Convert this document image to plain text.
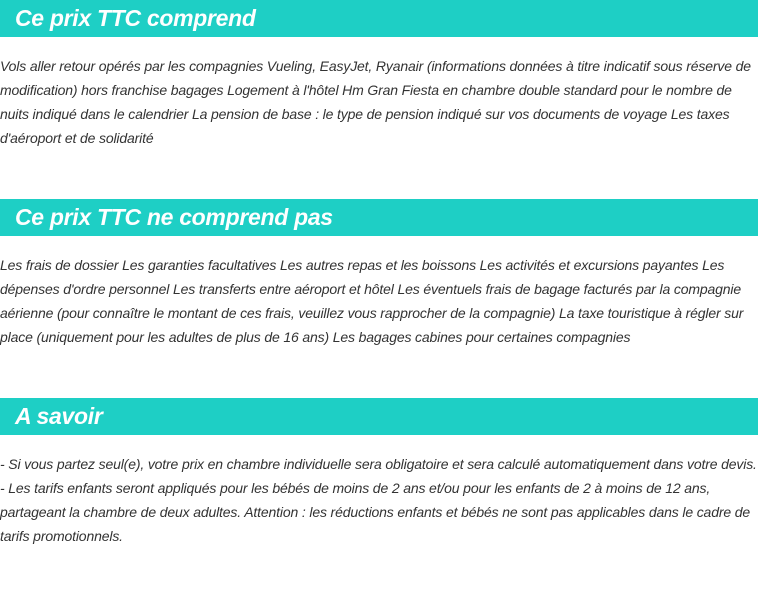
Ce prix TTC comprend

Vols aller retour opérés par les compagnies Vueling, EasyJet, Ryanair (informations données à titre indicatif sous réserve de modification) hors franchise bagages Logement à l'hôtel Hm Gran Fiesta en chambre double standard pour le nombre de nuits indiqué dans le calendrier La pension de base : le type de pension indiqué sur vos documents de voyage Les taxes d'aéroport et de solidarité

Ce prix TTC ne comprend pas

Les frais de dossier Les garanties facultatives Les autres repas et les boissons Les activités et excursions payantes Les dépenses d'ordre personnel Les transferts entre aéroport et hôtel Les éventuels frais de bagage facturés par la compagnie aérienne (pour connaître le montant de ces frais, veuillez vous rapprocher de la compagnie) La taxe touristique à régler sur place (uniquement pour les adultes de plus de 16 ans) Les bagages cabines pour certaines compagnies

A savoir

- Si vous partez seul(e), votre prix en chambre individuelle sera obligatoire et sera calculé automatiquement dans votre devis.

- Les tarifs enfants seront appliqués pour les bébés de moins de 2 ans et/ou pour les enfants de 2 à moins de 12 ans, partageant la chambre de deux adultes. Attention : les réductions enfants et bébés ne sont pas applicables dans le cadre de tarifs promotionnels.
